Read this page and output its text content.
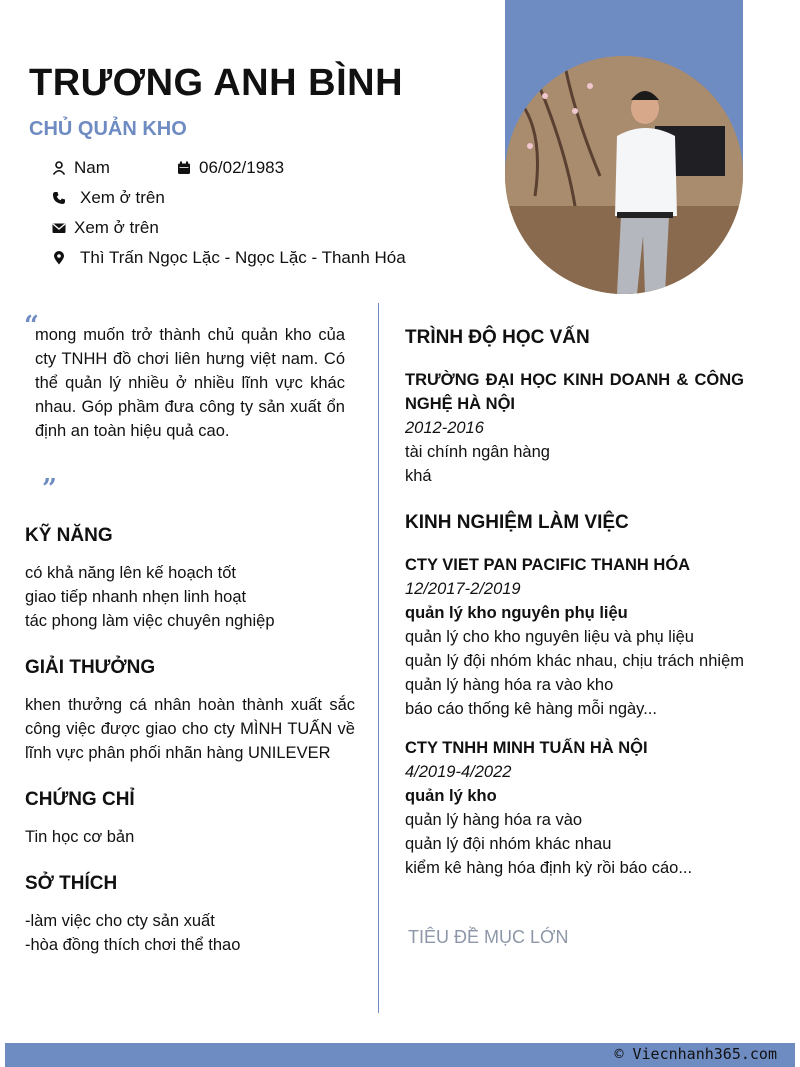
TRƯƠNG ANH BÌNH
CHỦ QUẢN KHO
Nam	06/02/1983
Xem ở trên
Xem ở trên
Thì Trấn Ngọc Lặc - Ngọc Lặc - Thanh Hóa
“
mong muốn trở thành chủ quản kho của cty TNHH đồ chơi liên hưng việt nam. Có thể quản lý nhiều ở nhiều lĩnh vực khác nhau. Góp phầm đưa công ty sản xuất ổn định an toàn hiệu quả cao.
”
KỸ NĂNG
có khả năng lên kế hoạch tốt
giao tiếp nhanh nhẹn linh hoạt
tác phong làm việc chuyên nghiệp
GIẢI THƯỞNG
khen thưởng cá nhân hoàn thành xuất sắc công việc được giao cho cty MÌNH TUẤN về lĩnh vực phân phối nhãn hàng UNILEVER
CHỨNG CHỈ
Tin học cơ bản
SỞ THÍCH
-làm việc cho cty sản xuất
-hòa đồng thích chơi thể thao
TRÌNH ĐỘ HỌC VẤN
TRƯỜNG ĐẠI HỌC KINH DOANH & CÔNG NGHỆ HÀ NỘI
2012-2016
tài chính ngân hàng
khá
KINH NGHIỆM LÀM VIỆC
CTY VIET PAN PACIFIC THANH HÓA
12/2017-2/2019
quản lý kho nguyên phụ liệu
quản lý cho kho nguyên liệu và phụ liệu
quản lý đội nhóm khác nhau, chịu trách nhiệm quản lý hàng hóa ra vào kho
báo cáo thống kê hàng mỗi ngày...
CTY TNHH MINH TUẤN HÀ NỘI
4/2019-4/2022
quản lý kho
quản lý hàng hóa ra vào
quản lý đội nhóm khác nhau
kiểm kê hàng hóa định kỳ rồi báo cáo...
TIÊU ĐỀ MỤC LỚN
© Viecnhanh365.com
